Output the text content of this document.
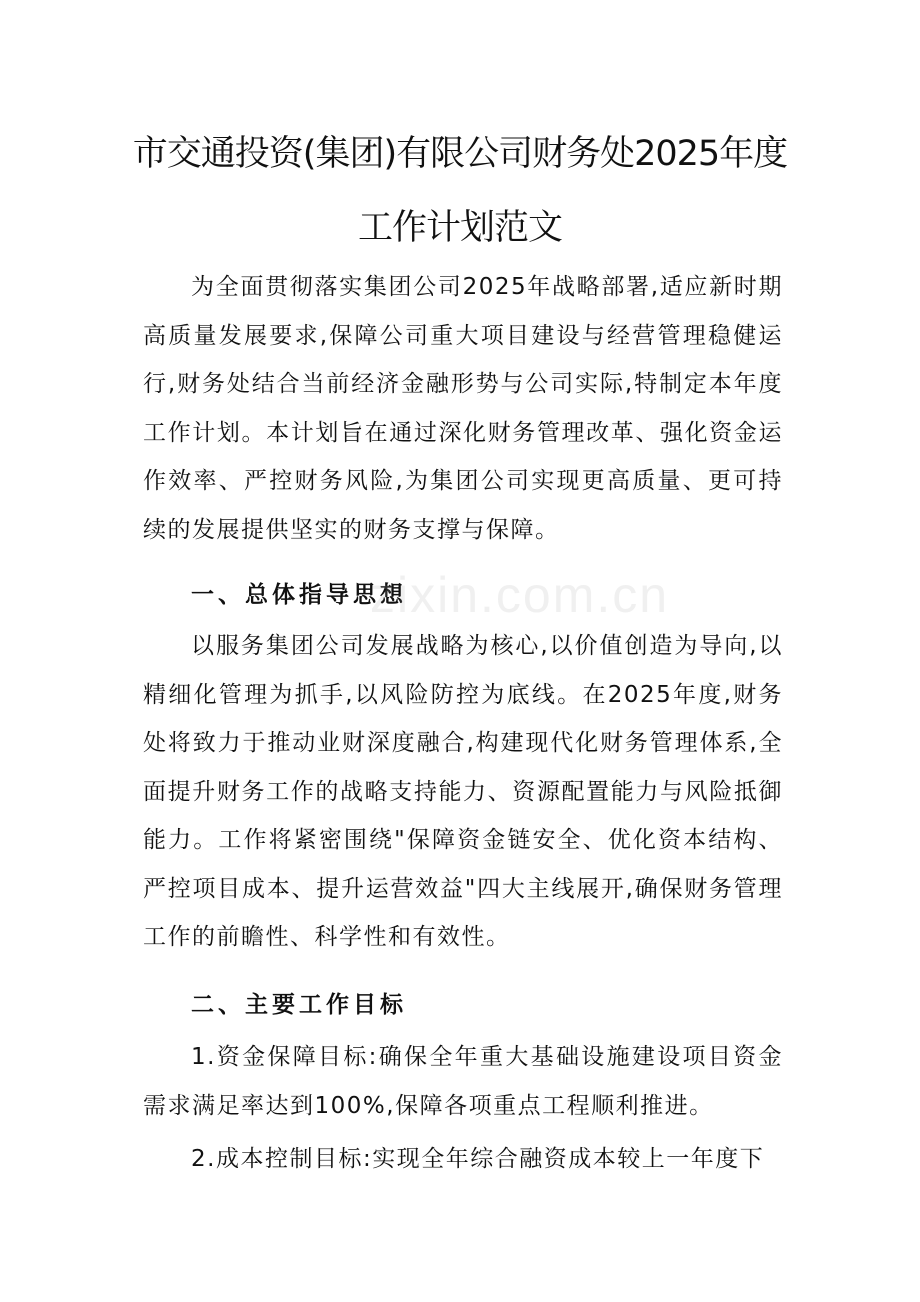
市交通投资(集团)有限公司财务处2025年度
工作计划范文

为全面贯彻落实集团公司2025年战略部署,适应新时期高质量发展要求,保障公司重大项目建设与经营管理稳健运行,财务处结合当前经济金融形势与公司实际,特制定本年度工作计划。本计划旨在通过深化财务管理改革、强化资金运作效率、严控财务风险,为集团公司实现更高质量、更可持续的发展提供坚实的财务支撑与保障。

一、总体指导思想

以服务集团公司发展战略为核心,以价值创造为导向,以精细化管理为抓手,以风险防控为底线。在2025年度,财务处将致力于推动业财深度融合,构建现代化财务管理体系,全面提升财务工作的战略支持能力、资源配置能力与风险抵御能力。工作将紧密围绕"保障资金链安全、优化资本结构、严控项目成本、提升运营效益"四大主线展开,确保财务管理工作的前瞻性、科学性和有效性。

二、主要工作目标

1.资金保障目标:确保全年重大基础设施建设项目资金需求满足率达到100%,保障各项重点工程顺利推进。

2.成本控制目标:实现全年综合融资成本较上一年度下

zixin.com.cn
